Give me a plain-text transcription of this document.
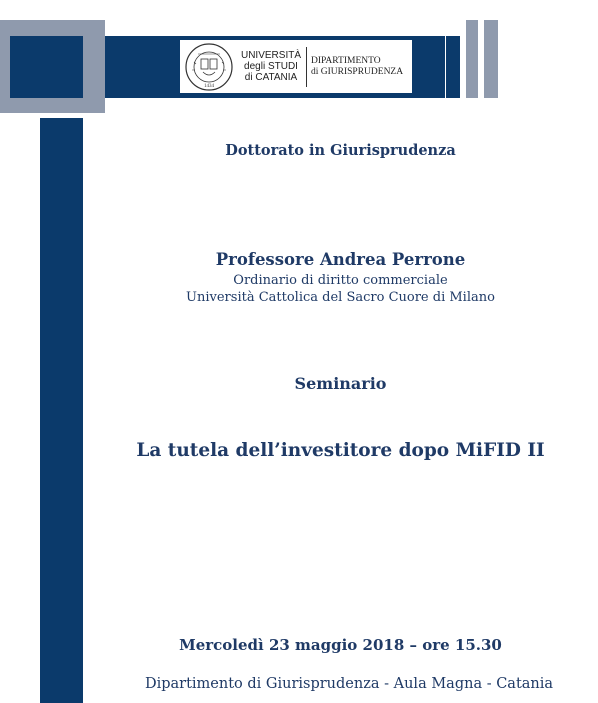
1434
UNIVERSITÀ
degli STUDI
di CATANIA
DIPARTIMENTO
di GIURISPRUDENZA
Dottorato in Giurisprudenza
Professore Andrea Perrone
Ordinario di diritto commerciale
Università Cattolica del Sacro Cuore di Milano
Seminario
La tutela dell’investitore dopo MiFID II
Mercoledì 23 maggio 2018 – ore 15.30
Dipartimento di Giurisprudenza - Aula Magna - Catania
